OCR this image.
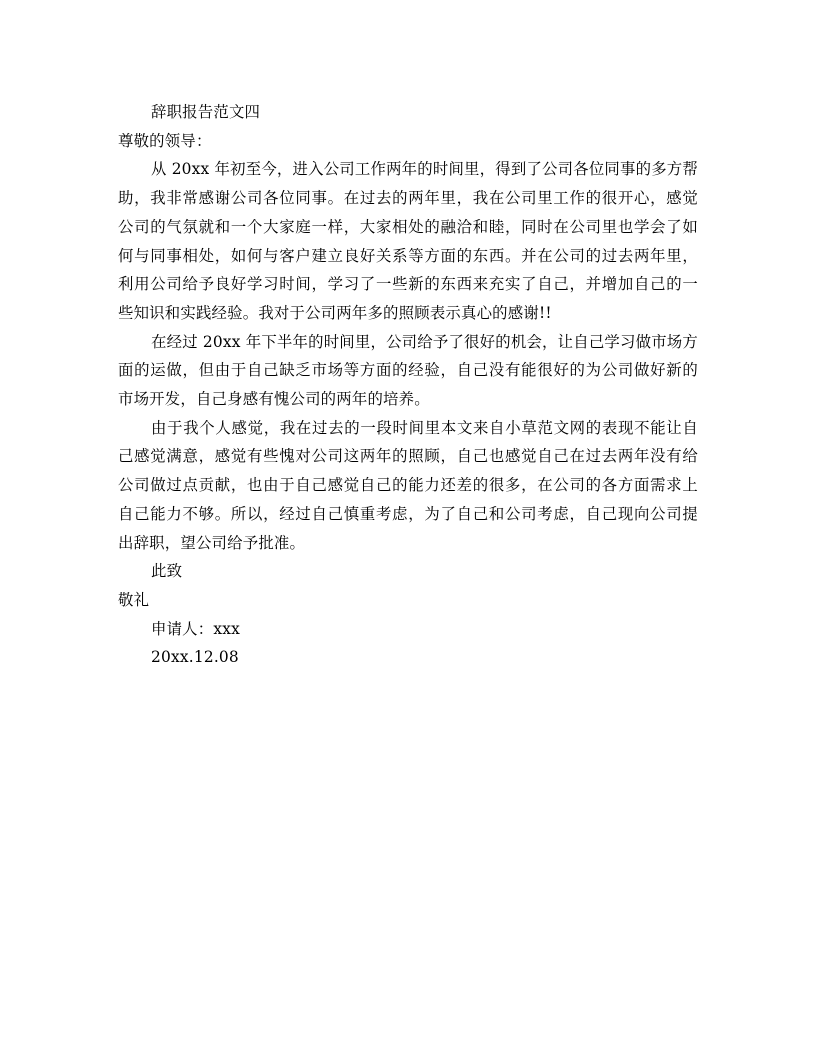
辞职报告范文四
尊敬的领导：
从 20xx 年初至今，进入公司工作两年的时间里，得到了公司各位同事的多方帮
助，我非常感谢公司各位同事。在过去的两年里，我在公司里工作的很开心，感觉
公司的气氛就和一个大家庭一样，大家相处的融洽和睦，同时在公司里也学会了如
何与同事相处，如何与客户建立良好关系等方面的东西。并在公司的过去两年里，
利用公司给予良好学习时间，学习了一些新的东西来充实了自己，并增加自己的一
些知识和实践经验。我对于公司两年多的照顾表示真心的感谢!!
在经过 20xx 年下半年的时间里，公司给予了很好的机会，让自己学习做市场方
面的运做，但由于自己缺乏市场等方面的经验，自己没有能很好的为公司做好新的
市场开发，自己身感有愧公司的两年的培养。
由于我个人感觉，我在过去的一段时间里本文来自小草范文网的表现不能让自
己感觉满意，感觉有些愧对公司这两年的照顾，自己也感觉自己在过去两年没有给
公司做过点贡献，也由于自己感觉自己的能力还差的很多，在公司的各方面需求上
自己能力不够。所以，经过自己慎重考虑，为了自己和公司考虑，自己现向公司提
出辞职，望公司给予批准。
此致
敬礼
申请人：xxx
20xx.12.08
